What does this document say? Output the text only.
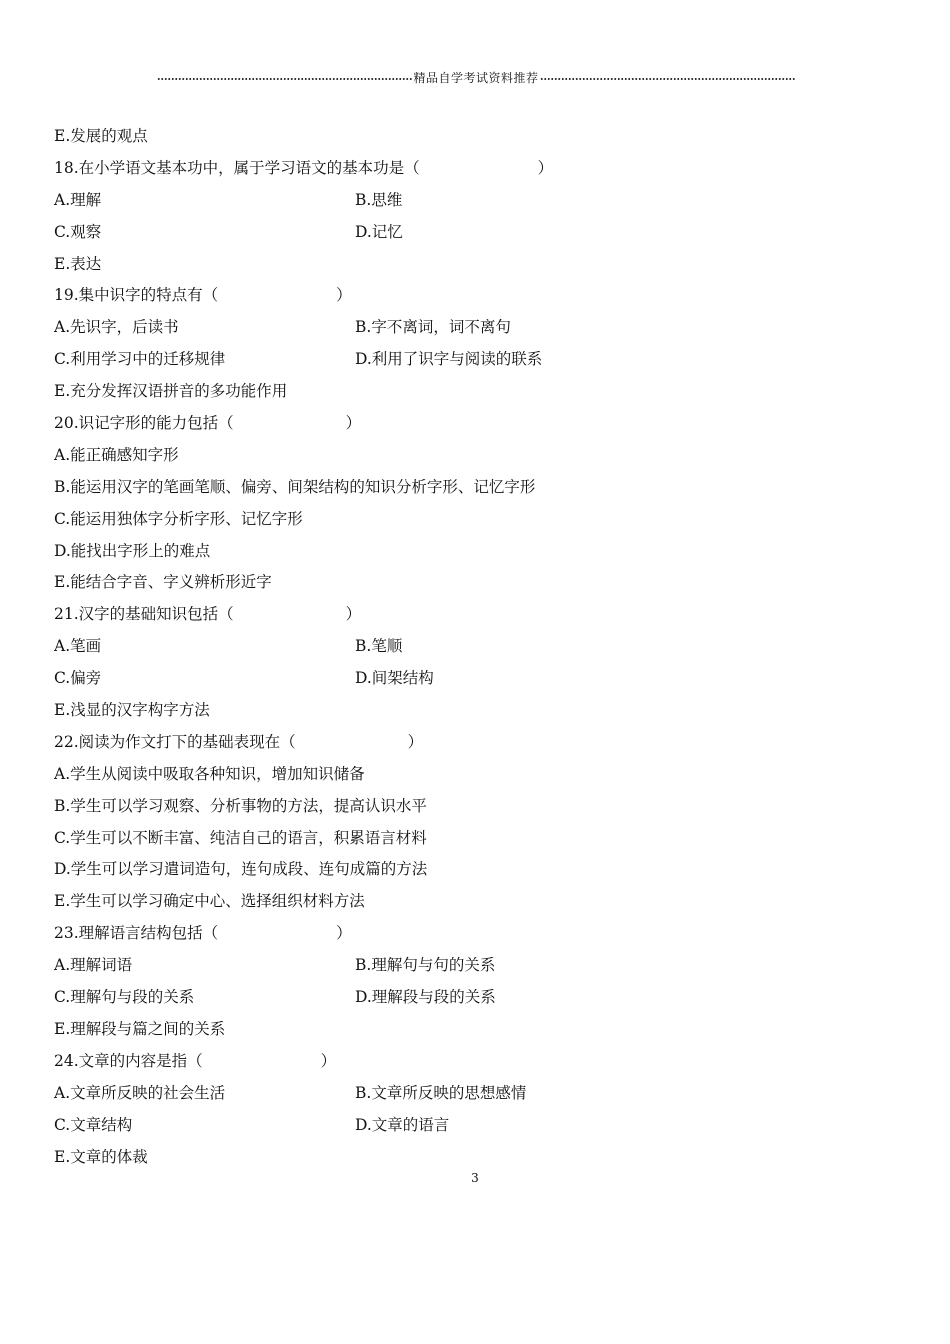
精品自学考试资料推荐
E.发展的观点
18.在小学语文基本功中，属于学习语文的基本功是（	）
A.理解	B.思维
C.观察	D.记忆
E.表达
19.集中识字的特点有（	）
A.先识字，后读书	B.字不离词，词不离句
C.利用学习中的迁移规律	D.利用了识字与阅读的联系
E.充分发挥汉语拼音的多功能作用
20.识记字形的能力包括（	）
A.能正确感知字形
B.能运用汉字的笔画笔顺、偏旁、间架结构的知识分析字形、记忆字形
C.能运用独体字分析字形、记忆字形
D.能找出字形上的难点
E.能结合字音、字义辨析形近字
21.汉字的基础知识包括（	）
A.笔画	B.笔顺
C.偏旁	D.间架结构
E.浅显的汉字构字方法
22.阅读为作文打下的基础表现在（	）
A.学生从阅读中吸取各种知识，增加知识储备
B.学生可以学习观察、分析事物的方法，提高认识水平
C.学生可以不断丰富、纯洁自己的语言，积累语言材料
D.学生可以学习遣词造句，连句成段、连句成篇的方法
E.学生可以学习确定中心、选择组织材料方法
23.理解语言结构包括（	）
A.理解词语	B.理解句与句的关系
C.理解句与段的关系	D.理解段与段的关系
E.理解段与篇之间的关系
24.文章的内容是指（	）
A.文章所反映的社会生活	B.文章所反映的思想感情
C.文章结构	D.文章的语言
E.文章的体裁
3
